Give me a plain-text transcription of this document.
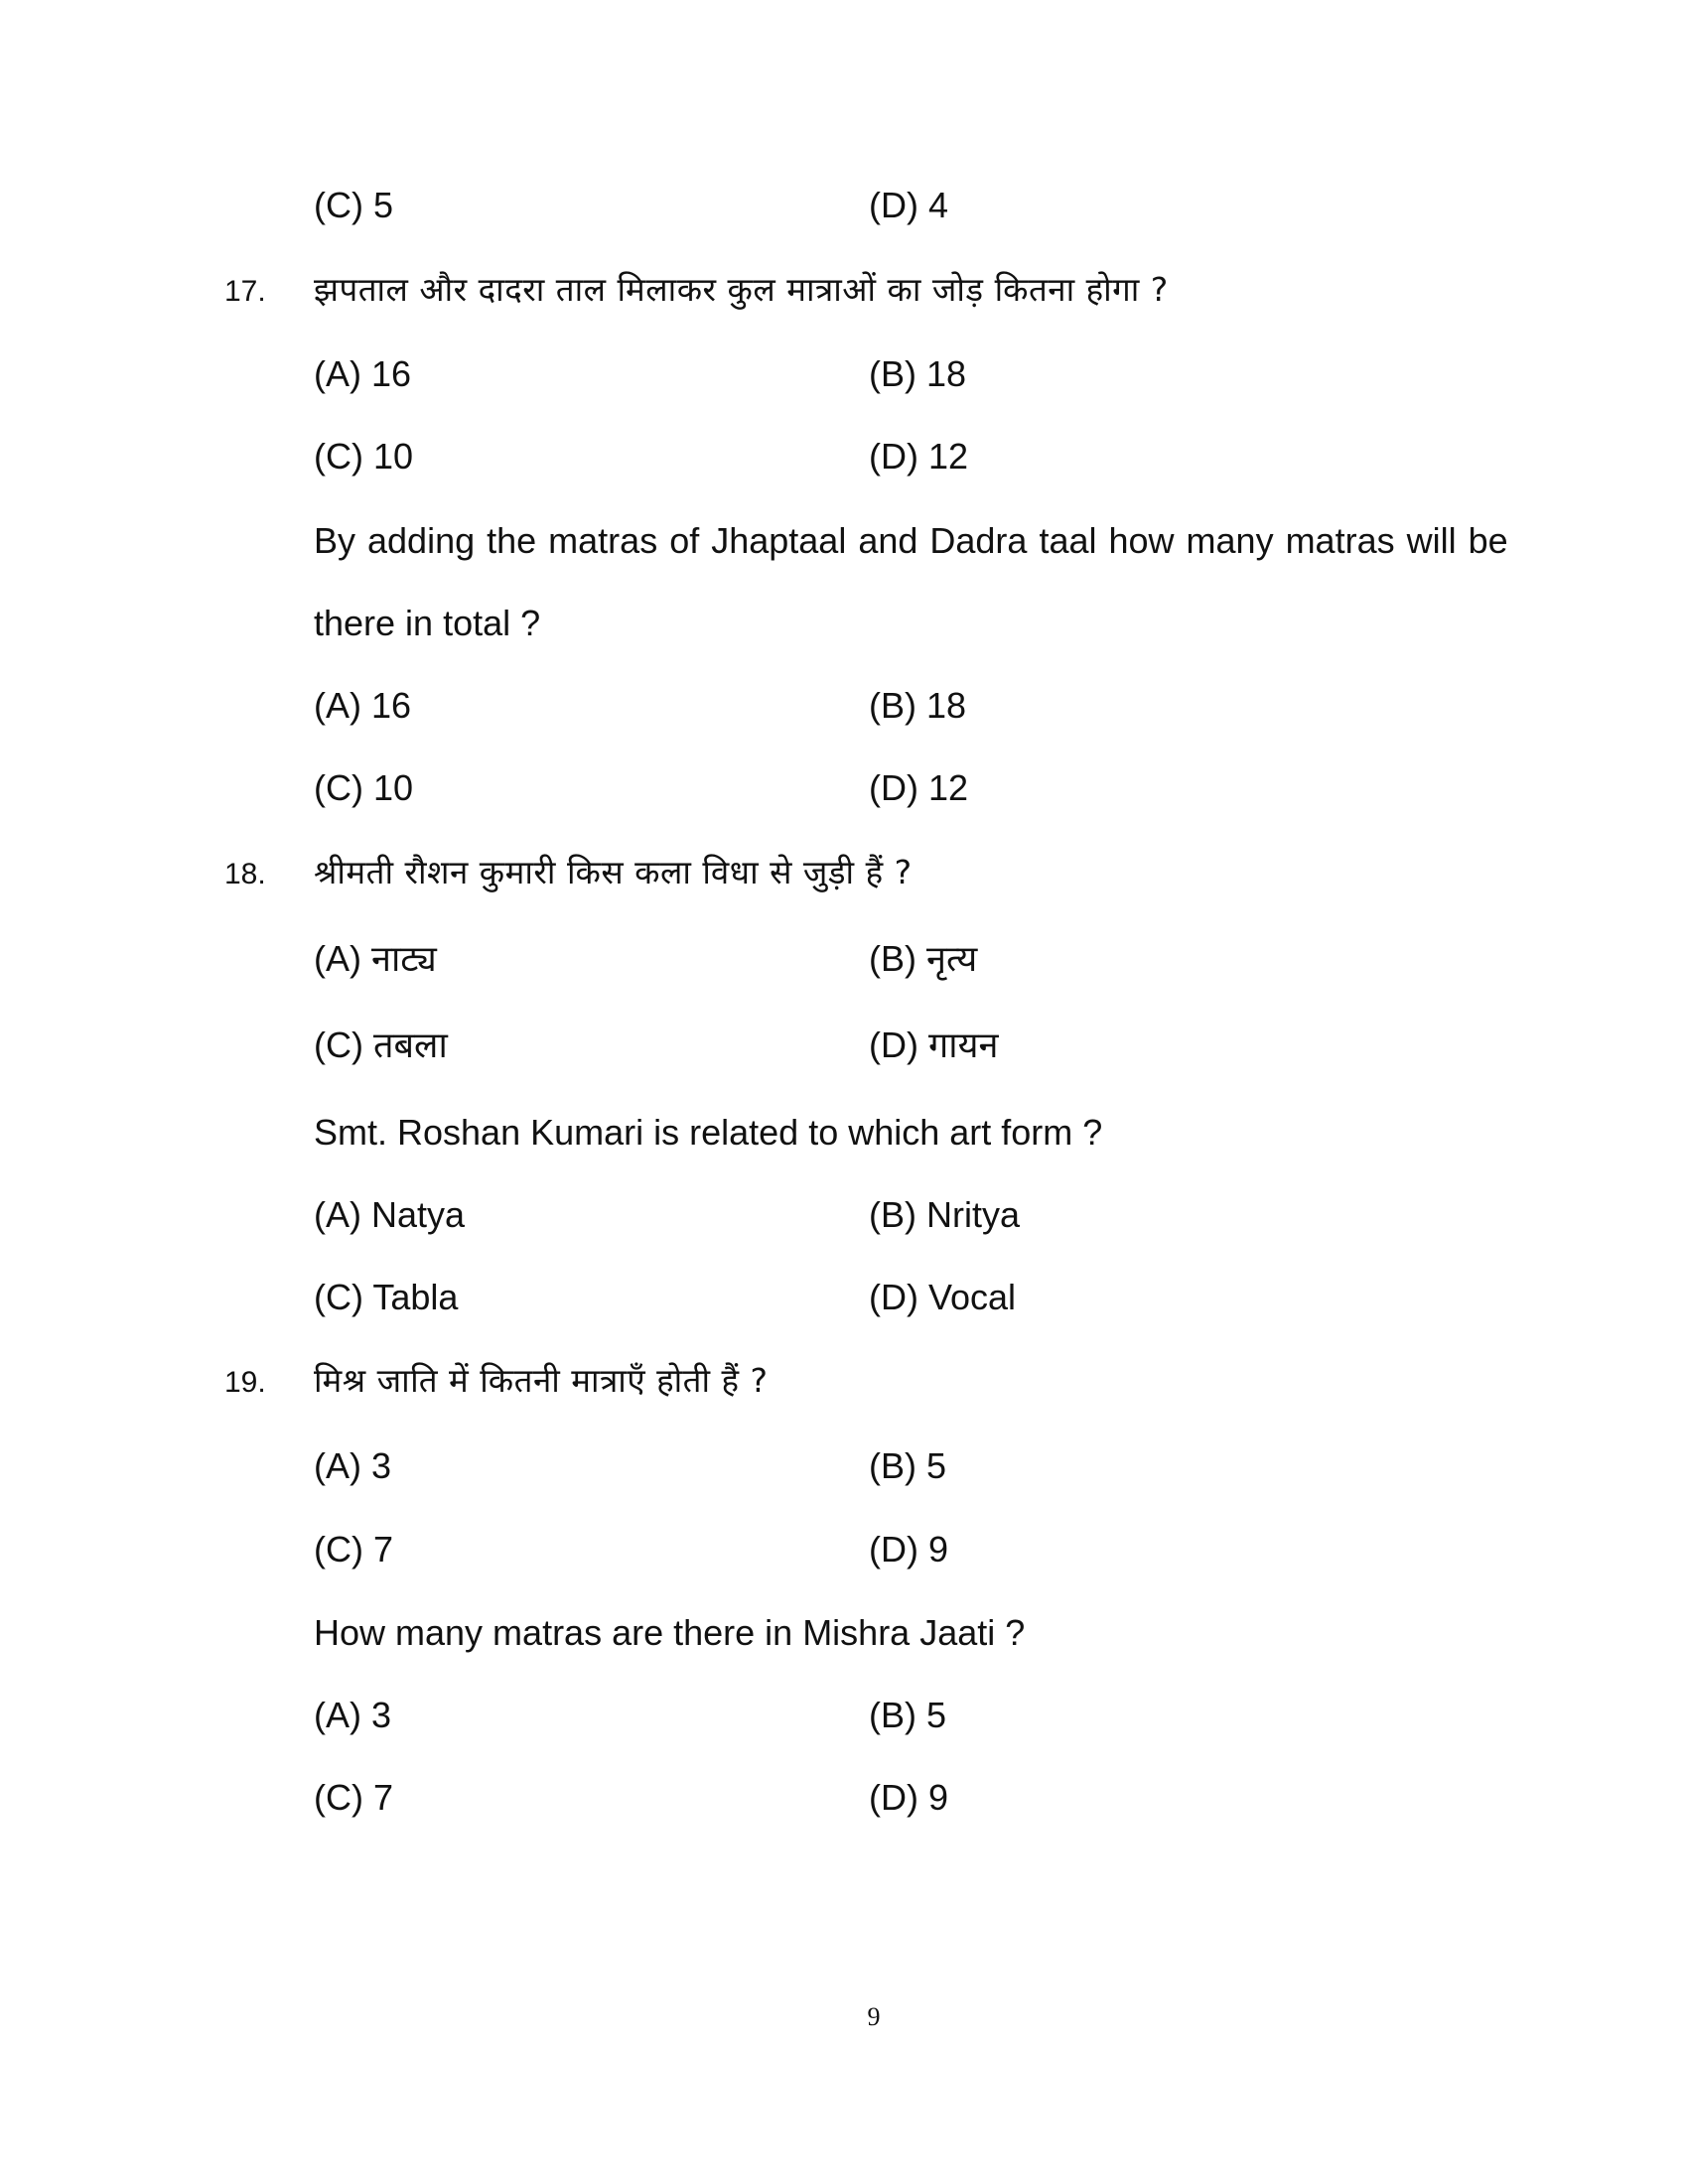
(C) 5	(D) 4
17. झपताल और दादरा ताल मिलाकर कुल मात्राओं का जोड़ कितना होगा ?
(A) 16	(B) 18
(C) 10	(D) 12
By adding the matras of Jhaptaal and Dadra taal how many matras will be
there in total ?
(A) 16	(B) 18
(C) 10	(D) 12
18. श्रीमती रौशन कुमारी किस कला विधा से जुड़ी हैं ?
(A) नाट्य	(B) नृत्य
(C) तबला	(D) गायन
Smt. Roshan Kumari is related to which art form ?
(A) Natya	(B) Nritya
(C) Tabla	(D) Vocal
19. मिश्र जाति में कितनी मात्राएँ होती हैं ?
(A) 3	(B) 5
(C) 7	(D) 9
How many matras are there in Mishra Jaati ?
(A) 3	(B) 5
(C) 7	(D) 9
9
